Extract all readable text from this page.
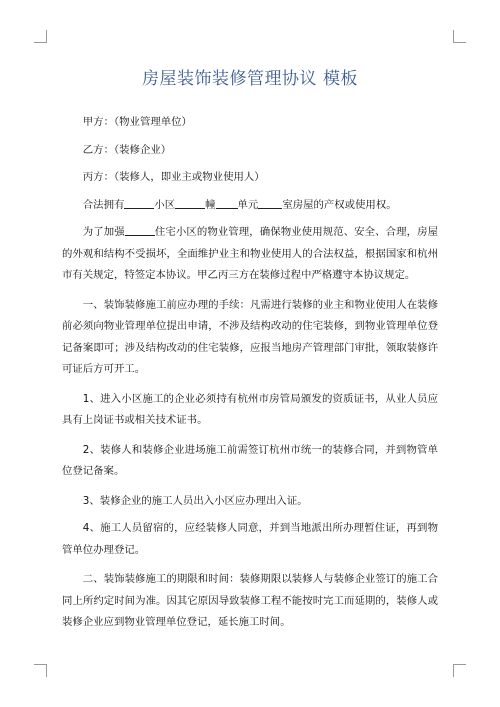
房屋装饰装修管理协议 模板

甲方：（物业管理单位）

乙方：（装修企业）

丙方：（装修人，即业主或物业使用人）

合法拥有	小区	幢 单元 室房屋的产权或使用权。

为了加强	住宅小区的物业管理，确保物业使用规范、安全、合理，房屋的外观和结构不受损坏，全面维护业主和物业使用人的合法权益，根据国家和杭州市有关规定，特签定本协议。甲乙丙三方在装修过程中严格遵守本协议规定。

一、装饰装修施工前应办理的手续：凡需进行装修的业主和物业使用人在装修前必须向物业管理单位提出申请，不涉及结构改动的住宅装修，到物业管理单位登记备案即可；涉及结构改动的住宅装修，应报当地房产管理部门审批，领取装修许可证后方可开工。

1、进入小区施工的企业必须持有杭州市房管局颁发的资质证书，从业人员应具有上岗证书或相关技术证书。

2、装修人和装修企业进场施工前需签订杭州市统一的装修合同，并到物管单位登记备案。

3、装修企业的施工人员出入小区应办理出入证。

4、施工人员留宿的，应经装修人同意，并到当地派出所办理暂住证，再到物管单位办理登记。

二、装饰装修施工的期限和时间：装修期限以装修人与装修企业签订的施工合同上所约定时间为准。因其它原因导致装修工程不能按时完工而延期的，装修人或装修企业应到物业管理单位登记，延长施工时间。
